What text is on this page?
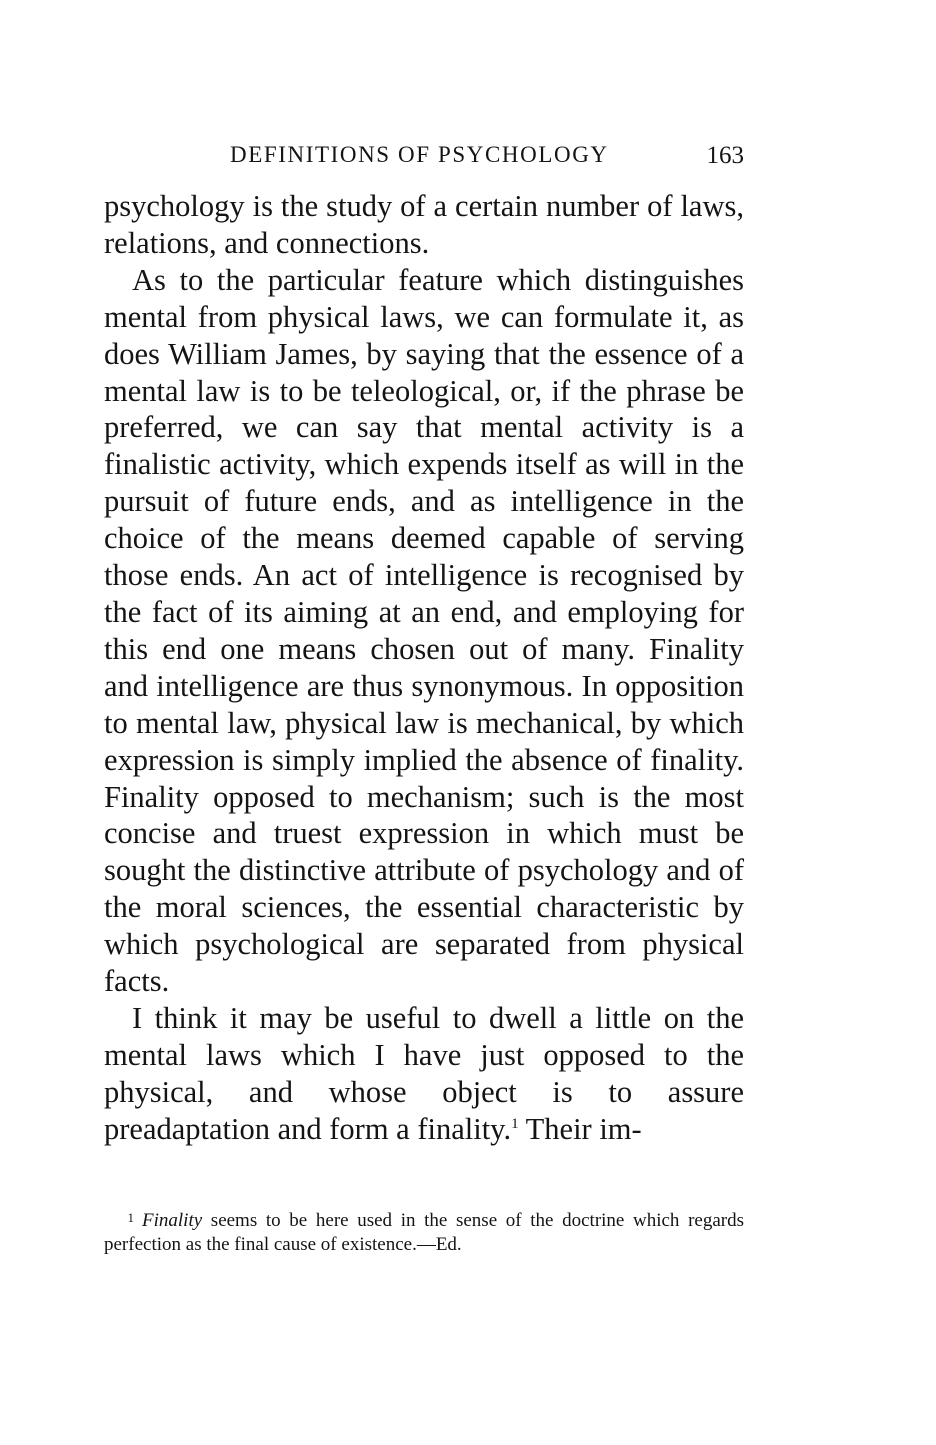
DEFINITIONS OF PSYCHOLOGY	163

psychology is the study of a certain number of laws, relations, and connections.

As to the particular feature which distinguishes mental from physical laws, we can formulate it, as does William James, by saying that the essence of a mental law is to be teleological, or, if the phrase be preferred, we can say that mental activity is a finalistic activity, which expends itself as will in the pursuit of future ends, and as intelligence in the choice of the means deemed capable of serving those ends. An act of intelligence is recognised by the fact of its aiming at an end, and employing for this end one means chosen out of many. Finality and intelligence are thus synonymous. In opposition to mental law, physical law is mechanical, by which expression is simply implied the absence of finality. Finality opposed to mechanism; such is the most concise and truest expression in which must be sought the distinctive attribute of psychology and of the moral sciences, the essential characteristic by which psychological are separated from physical facts.

I think it may be useful to dwell a little on the mental laws which I have just opposed to the physical, and whose object is to assure preadaptation and form a finality.$^1$ Their im-

1 Finality seems to be here used in the sense of the doctrine which regards perfection as the final cause of existence.—Ed.
